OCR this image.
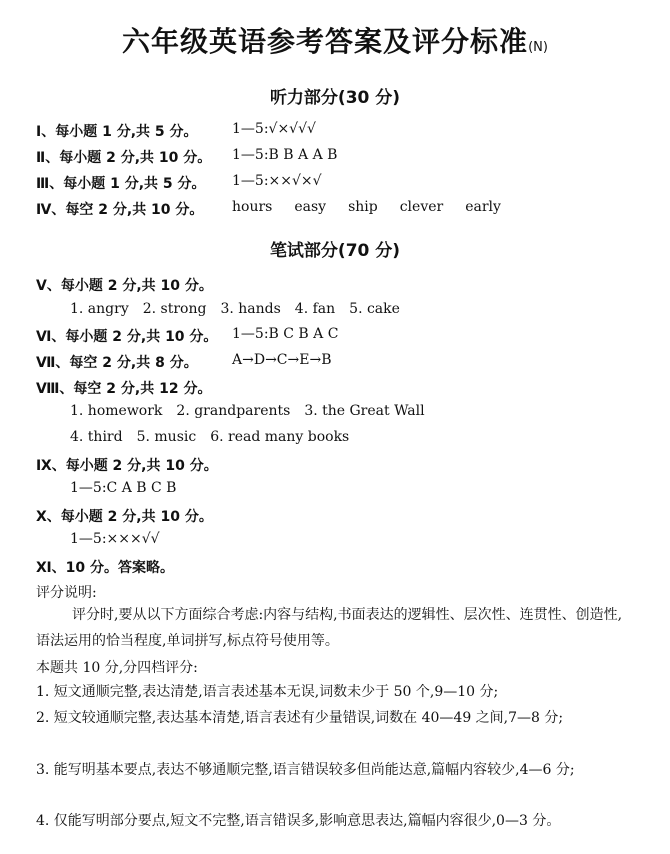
六年级英语参考答案及评分标准(N)
听力部分(30 分)
Ⅰ、每小题 1 分,共 5 分。 1—5:√×√√√
Ⅱ、每小题 2 分,共 10 分。 1—5:B B A A B
Ⅲ、每小题 1 分,共 5 分。 1—5:××√×√
Ⅳ、每空 2 分,共 10 分。 hours easy ship clever early
笔试部分(70 分)
Ⅴ、每小题 2 分,共 10 分。
1. angry 2. strong 3. hands 4. fan 5. cake
Ⅵ、每小题 2 分,共 10 分。 1—5:B C B A C
Ⅶ、每空 2 分,共 8 分。 A→D→C→E→B
Ⅷ、每空 2 分,共 12 分。
1. homework 2. grandparents 3. the Great Wall
4. third 5. music 6. read many books
Ⅸ、每小题 2 分,共 10 分。
1—5:C A B C B
Ⅹ、每小题 2 分,共 10 分。
1—5:×××√√
Ⅺ、10 分。答案略。
评分说明:
评分时,要从以下方面综合考虑:内容与结构,书面表达的逻辑性、层次性、连贯性、创造性,语法运用的恰当程度,单词拼写,标点符号使用等。
本题共 10 分,分四档评分:
1. 短文通顺完整,表达清楚,语言表述基本无误,词数未少于 50 个,9—10 分;
2. 短文较通顺完整,表达基本清楚,语言表述有少量错误,词数在 40—49 之间,7—8 分;
3. 能写明基本要点,表达不够通顺完整,语言错误较多但尚能达意,篇幅内容较少,4—6 分;
4. 仅能写明部分要点,短文不完整,语言错误多,影响意思表达,篇幅内容很少,0—3 分。
